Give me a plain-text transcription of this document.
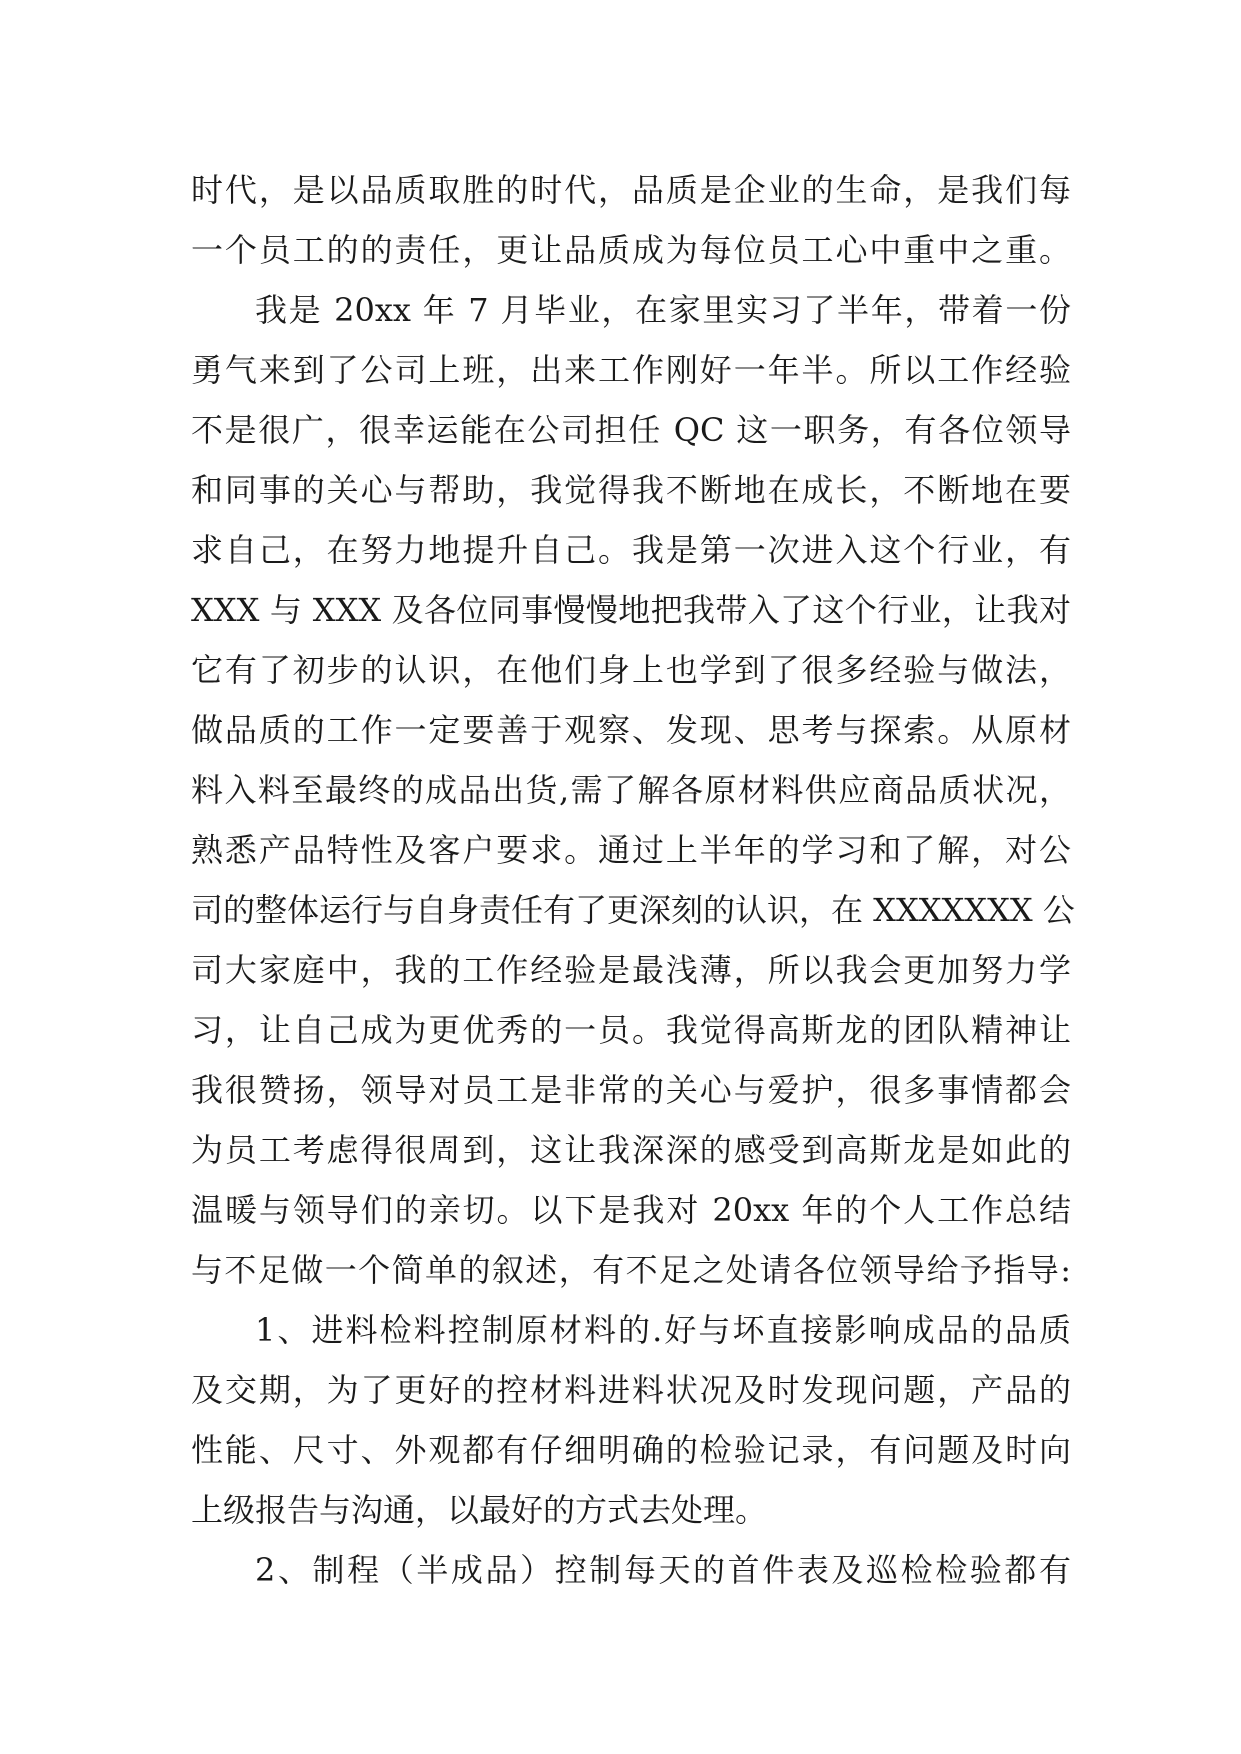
时代，是以品质取胜的时代，品质是企业的生命，是我们每
一个员工的的责任，更让品质成为每位员工心中重中之重。
我是 20xx 年 7 月毕业，在家里实习了半年，带着一份
勇气来到了公司上班，出来工作刚好一年半。所以工作经验
不是很广，很幸运能在公司担任 QC 这一职务，有各位领导
和同事的关心与帮助，我觉得我不断地在成长，不断地在要
求自己，在努力地提升自己。我是第一次进入这个行业，有
XXX 与 XXX 及各位同事慢慢地把我带入了这个行业，让我对
它有了初步的认识，在他们身上也学到了很多经验与做法，
做品质的工作一定要善于观察、发现、思考与探索。从原材
料入料至最终的成品出货,需了解各原材料供应商品质状况，
熟悉产品特性及客户要求。通过上半年的学习和了解，对公
司的整体运行与自身责任有了更深刻的认识，在 XXXXXXX 公
司大家庭中，我的工作经验是最浅薄，所以我会更加努力学
习，让自己成为更优秀的一员。我觉得高斯龙的团队精神让
我很赞扬，领导对员工是非常的关心与爱护，很多事情都会
为员工考虑得很周到，这让我深深的感受到高斯龙是如此的
温暖与领导们的亲切。以下是我对 20xx 年的个人工作总结
与不足做一个简单的叙述，有不足之处请各位领导给予指导:
1、进料检料控制原材料的.好与坏直接影响成品的品质
及交期，为了更好的控材料进料状况及时发现问题，产品的
性能、尺寸、外观都有仔细明确的检验记录，有问题及时向
上级报告与沟通，以最好的方式去处理。
2、制程（半成品）控制每天的首件表及巡检检验都有
